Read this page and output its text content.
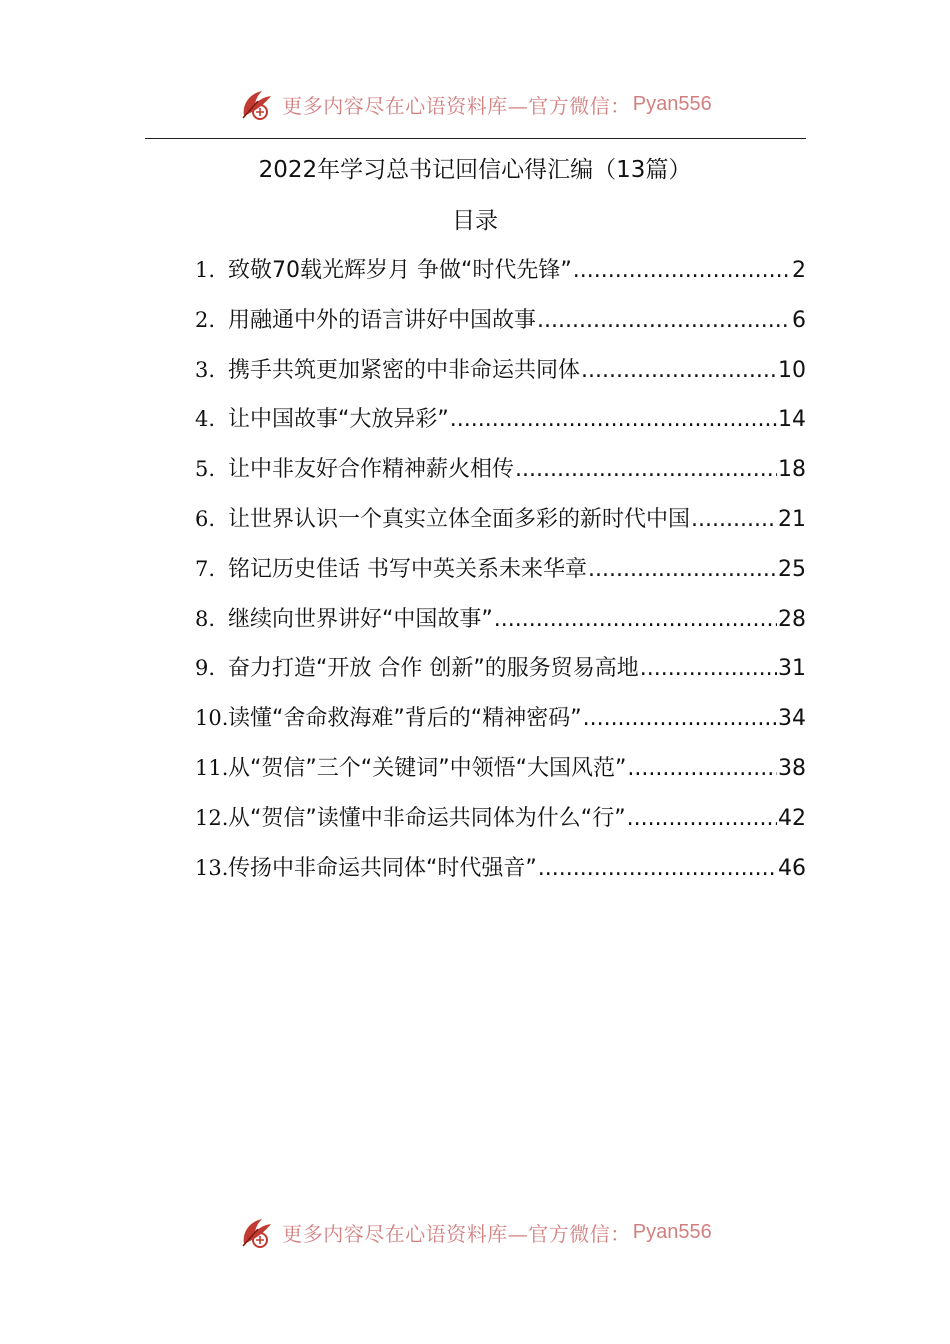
更多内容尽在心语资料库—官方微信： Pyan556
2022年学习总书记回信心得汇编（13篇）
目录
1. 致敬70载光辉岁月 争做“时代先锋” .....	2
2. 用融通中外的语言讲好中国故事 .....	6
3. 携手共筑更加紧密的中非命运共同体 .....	10
4. 让中国故事“大放异彩” .....	14
5. 让中非友好合作精神薪火相传 .....	18
6. 让世界认识一个真实立体全面多彩的新时代中国 .....	21
7. 铭记历史佳话 书写中英关系未来华章 .....	25
8. 继续向世界讲好“中国故事” .....	28
9. 奋力打造“开放 合作 创新”的服务贸易高地 .....	31
10. 读懂“舍命救海难”背后的“精神密码” .....	34
11. 从“贺信”三个“关键词”中领悟“大国风范” .....	38
12. 从“贺信”读懂中非命运共同体为什么“行” .....	42
13. 传扬中非命运共同体“时代强音” .....	46
更多内容尽在心语资料库—官方微信： Pyan556
